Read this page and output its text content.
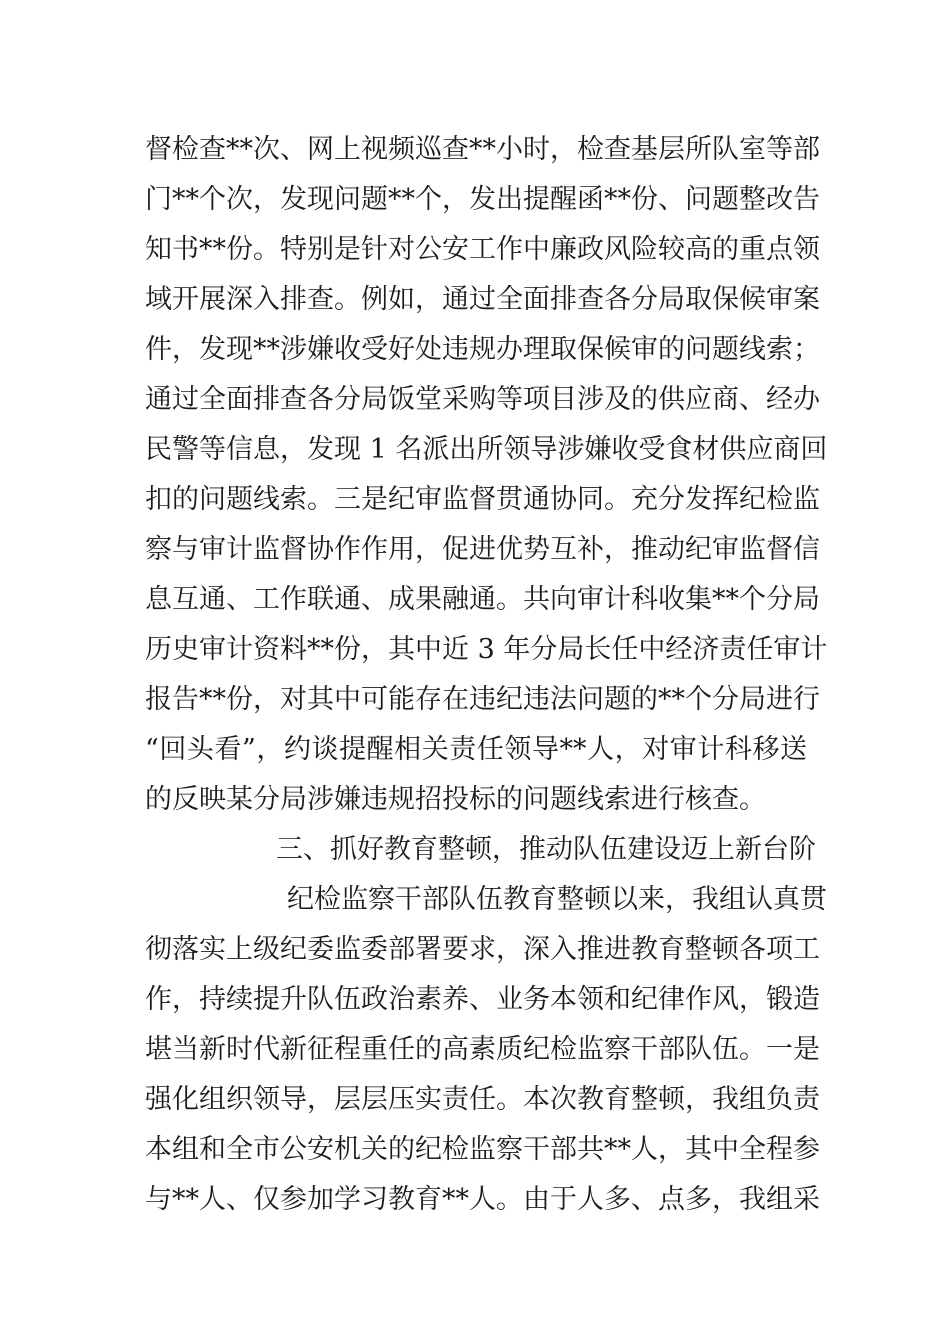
督检查**次、网上视频巡查**小时，检查基层所队室等部
门**个次，发现问题**个，发出提醒函**份、问题整改告
知书**份。特别是针对公安工作中廉政风险较高的重点领
域开展深入排查。例如，通过全面排查各分局取保候审案
件，发现**涉嫌收受好处违规办理取保候审的问题线索；
通过全面排查各分局饭堂采购等项目涉及的供应商、经办
民警等信息，发现 1 名派出所领导涉嫌收受食材供应商回
扣的问题线索。三是纪审监督贯通协同。充分发挥纪检监
察与审计监督协作作用，促进优势互补，推动纪审监督信
息互通、工作联通、成果融通。共向审计科收集**个分局
历史审计资料**份，其中近 3 年分局长任中经济责任审计
报告**份，对其中可能存在违纪违法问题的**个分局进行
“回头看”，约谈提醒相关责任领导**人，对审计科移送
的反映某分局涉嫌违规招投标的问题线索进行核查。
三、抓好教育整顿，推动队伍建设迈上新台阶
纪检监察干部队伍教育整顿以来，我组认真贯
彻落实上级纪委监委部署要求，深入推进教育整顿各项工
作，持续提升队伍政治素养、业务本领和纪律作风，锻造
堪当新时代新征程重任的高素质纪检监察干部队伍。一是
强化组织领导，层层压实责任。本次教育整顿，我组负责
本组和全市公安机关的纪检监察干部共**人，其中全程参
与**人、仅参加学习教育**人。由于人多、点多，我组采
